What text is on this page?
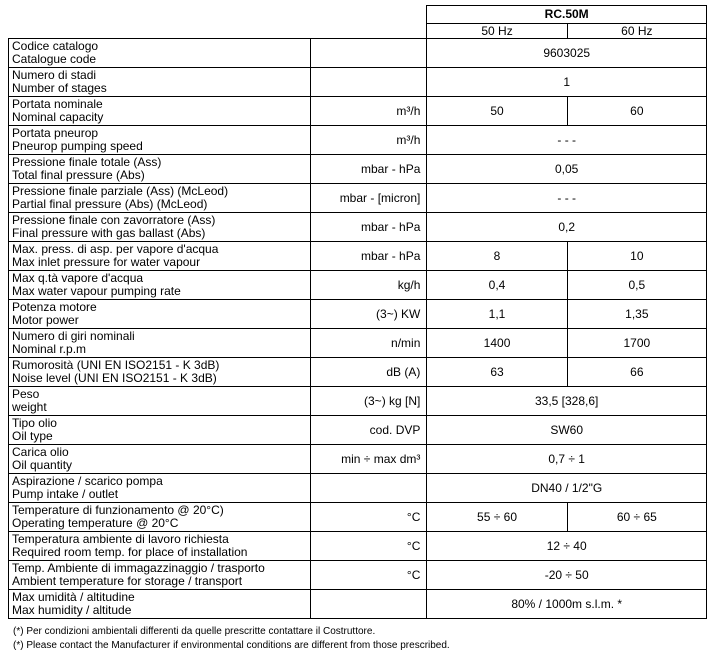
		RC.50M	
		50 Hz	60 Hz

Codice catalogo
Catalogue code		9603025	

Numero di stadi
Number of stages		1	

Portata nominale
Nominal capacity	m³/h	50	60

Portata pneurop
Pneurop pumping speed	m³/h	- - -	

Pressione finale totale (Ass)
Total final pressure (Abs)	mbar - hPa	0,05	

Pressione finale parziale (Ass) (McLeod)
Partial final pressure (Abs) (McLeod)	mbar - [micron]	- - -	

Pressione finale con zavorratore (Ass)
Final pressure with gas ballast (Abs)	mbar - hPa	0,2	

Max. press. di asp. per vapore d'acqua
Max inlet pressure for water vapour	mbar - hPa	8	10

Max q.tà vapore d'acqua
Max water vapour pumping rate	kg/h	0,4	0,5

Potenza motore
Motor power	(3~) KW	1,1	1,35

Numero di giri nominali
Nominal r.p.m	n/min	1400	1700

Rumorosità (UNI EN ISO2151 - K 3dB)
Noise level (UNI EN ISO2151 - K 3dB)	dB (A)	63	66

Peso
weight	(3~) kg [N]	33,5 [328,6]	

Tipo olio
Oil type	cod. DVP	SW60	

Carica olio
Oil quantity	min ÷ max dm³	0,7 ÷ 1	

Aspirazione / scarico pompa
Pump intake / outlet		DN40 / 1/2"G	

Temperature di funzionamento @ 20°C)
Operating temperature @ 20°C	°C	55 ÷ 60	60 ÷ 65

Temperatura ambiente di lavoro richiesta
Required room temp. for place of installation	°C	12 ÷ 40	

Temp. Ambiente di immagazzinaggio / trasporto
Ambient temperature for storage / transport	°C	-20 ÷ 50	

Max umidità / altitudine
Max humidity / altitude		80% / 1000m s.l.m. *	
(*) Per condizioni ambientali differenti da quelle prescritte contattare il Costruttore.
(*) Please contact the Manufacturer if environmental conditions are different from those prescribed.
